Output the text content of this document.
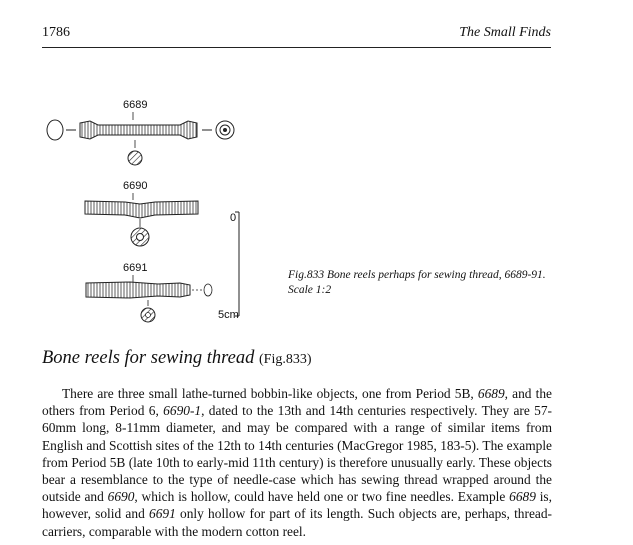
1786	The Small Finds
6689
6690
6691
0
5cm
Fig.833 Bone reels perhaps for sewing thread, 6689-91.
Scale 1:2
Bone reels for sewing thread (Fig.833)

There are three small lathe-turned bobbin-like objects, one from Period 5B, 6689, and the others from Period 6, 6690-1, dated to the 13th and 14th centuries respectively. They are 57-60mm long, 8-11mm diameter, and may be compared with a range of similar items from English and Scottish sites of the 12th to 14th centuries (MacGregor 1985, 183-5). The example from Period 5B (late 10th to early-mid 11th century) is therefore unusually early. These objects bear a resemblance to the type of needle-case which has sewing thread wrapped around the outside and 6690, which is hollow, could have held one or two fine needles. Example 6689 is, however, solid and 6691 only hollow for part of its length. Such objects are, perhaps, thread-carriers, comparable with the modern cotton reel.
